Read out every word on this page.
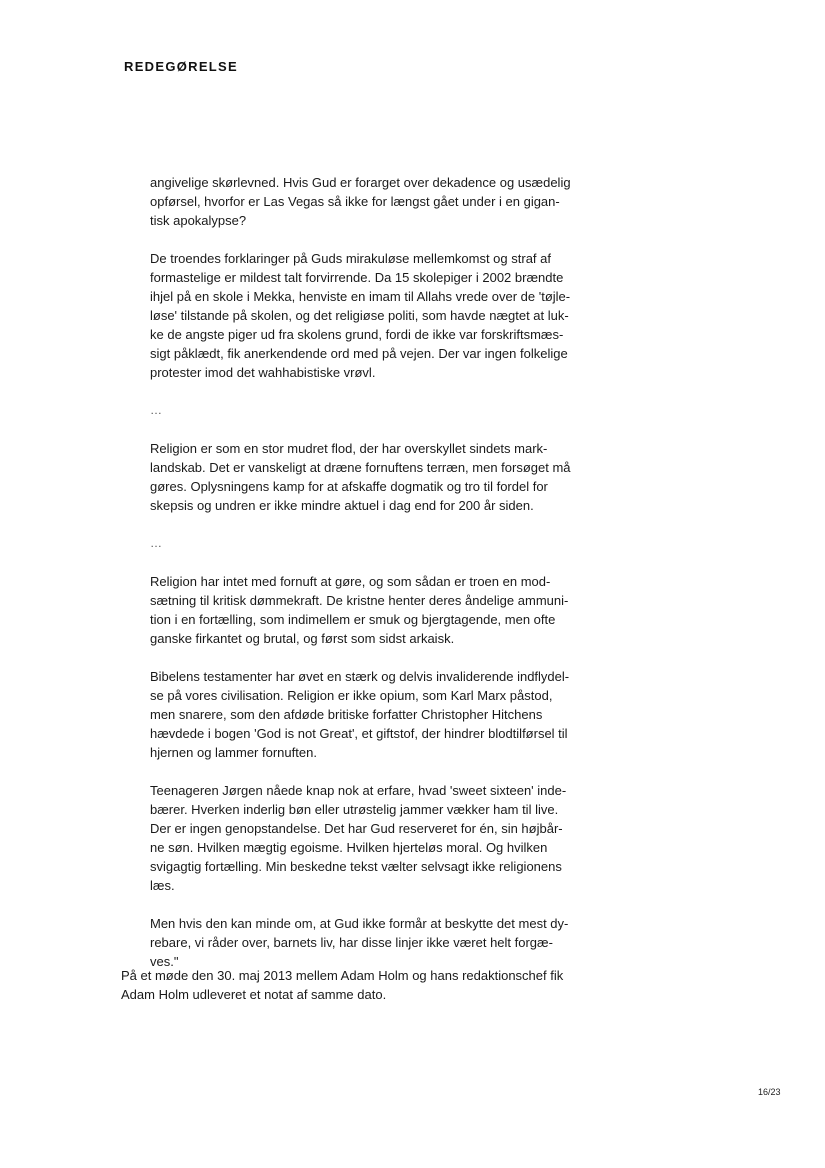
REDEGØRELSE

angivelige skørlevned. Hvis Gud er forarget over dekadence og usædelig
opførsel, hvorfor er Las Vegas så ikke for længst gået under i en gigan-
tisk apokalypse?

De troendes forklaringer på Guds mirakuløse mellemkomst og straf af
formastelige er mildest talt forvirrende. Da 15 skolepiger i 2002 brændte
ihjel på en skole i Mekka, henviste en imam til Allahs vrede over de 'tøjle-
løse' tilstande på skolen, og det religiøse politi, som havde nægtet at luk-
ke de angste piger ud fra skolens grund, fordi de ikke var forskriftsmæs-
sigt påklædt, fik anerkendende ord med på vejen. Der var ingen folkelige
protester imod det wahhabistiske vrøvl.

…

Religion er som en stor mudret flod, der har overskyllet sindets mark-
landskab. Det er vanskeligt at dræne fornuftens terræn, men forsøget må
gøres. Oplysningens kamp for at afskaffe dogmatik og tro til fordel for
skepsis og undren er ikke mindre aktuel i dag end for 200 år siden.

…

Religion har intet med fornuft at gøre, og som sådan er troen en mod-
sætning til kritisk dømmekraft. De kristne henter deres åndelige ammuni-
tion i en fortælling, som indimellem er smuk og bjergtagende, men ofte
ganske firkantet og brutal, og først som sidst arkaisk.

Bibelens testamenter har øvet en stærk og delvis invaliderende indflydel-
se på vores civilisation. Religion er ikke opium, som Karl Marx påstod,
men snarere, som den afdøde britiske forfatter Christopher Hitchens
hævdede i bogen 'God is not Great', et giftstof, der hindrer blodtilførsel til
hjernen og lammer fornuften.

Teenageren Jørgen nåede knap nok at erfare, hvad 'sweet sixteen' inde-
bærer. Hverken inderlig bøn eller utrøstelig jammer vækker ham til live.
Der er ingen genopstandelse. Det har Gud reserveret for én, sin højbår-
ne søn. Hvilken mægtig egoisme. Hvilken hjerteløs moral. Og hvilken
svigagtig fortælling. Min beskedne tekst vælter selvsagt ikke religionens
læs.

Men hvis den kan minde om, at Gud ikke formår at beskytte det mest dy-
rebare, vi råder over, barnets liv, har disse linjer ikke været helt forgæ-
ves."

På et møde den 30. maj 2013 mellem Adam Holm og hans redaktionschef fik
Adam Holm udleveret et notat af samme dato.

16/23
